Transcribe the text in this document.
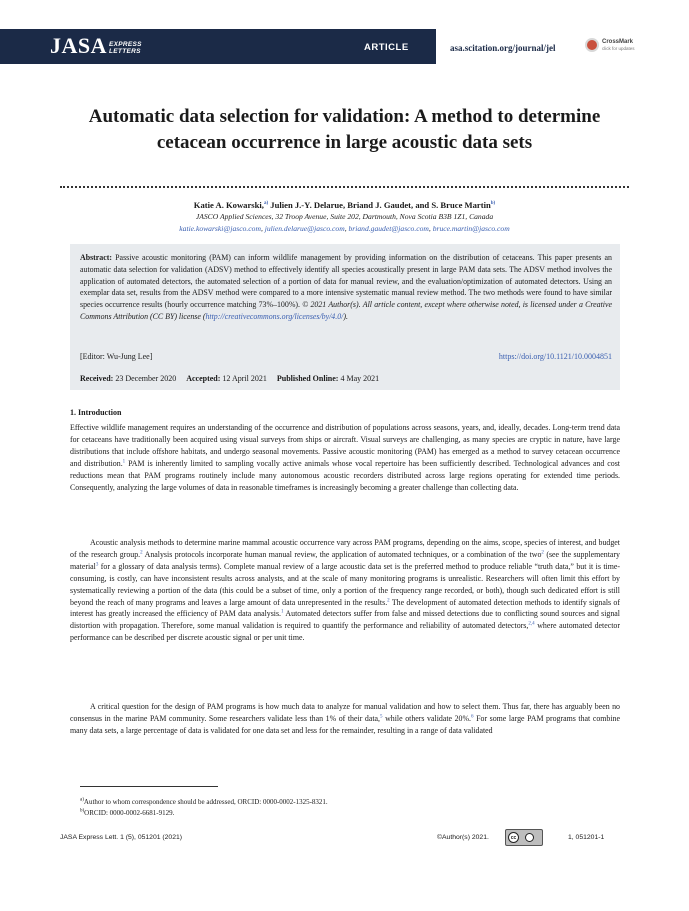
JASA EXPRESS
LETTERS	ARTICLE	asa.scitation.org/journal/jel
CrossMark
click for updates
Automatic data selection for validation: A method to determine cetacean occurrence in large acoustic data sets
Katie A. Kowarski,$^{a)}$ Julien J.-Y. Delarue, Briand J. Gaudet, and S. Bruce Martin$^{b)}$
JASCO Applied Sciences, 32 Troop Avenue, Suite 202, Dartmouth, Nova Scotia B3B 1Z1, Canada
katie.kowarski@jasco.com, julien.delarue@jasco.com, briand.gaudet@jasco.com, bruce.martin@jasco.com
Abstract: Passive acoustic monitoring (PAM) can inform wildlife management by providing information on the distribution of cetaceans. This paper presents an automatic data selection for validation (ADSV) method to effectively identify all species acoustically present in large PAM data sets. The ADSV method involves the application of automated detectors, the automated selection of a portion of data for manual review, and the evaluation/optimization of automated detectors. Using an exemplar data set, results from the ADSV method were compared to a more intensive systematic manual review method. The two methods were found to have similar species occurrence results (hourly occurrence matching 73%–100%). © 2021 Author(s). All article content, except where otherwise noted, is licensed under a Creative Commons Attribution (CC BY) license (http://creativecommons.org/licenses/by/4.0/).
[Editor: Wu-Jung Lee]	https://doi.org/10.1121/10.0004851
Received: 23 December 2020 Accepted: 12 April 2021 Published Online: 4 May 2021
1. Introduction

Effective wildlife management requires an understanding of the occurrence and distribution of populations across seasons, years, and, ideally, decades. Long-term trend data for cetaceans have traditionally been acquired using visual surveys from ships or aircraft. Visual surveys are challenging, as many species are cryptic in nature, have large distributions that include offshore habitats, and undergo seasonal movements. Passive acoustic monitoring (PAM) has emerged as a method to survey cetacean occurrence and distribution.$^1$ PAM is inherently limited to sampling vocally active animals whose vocal repertoire has been sufficiently described. Technological advances and cost reductions mean that PAM programs routinely include many autonomous acoustic recorders distributed across large regions operating for extended time periods. Consequently, analyzing the large volumes of data in reasonable timeframes is increasingly becoming a greater challenge than collecting data.

Acoustic analysis methods to determine marine mammal acoustic occurrence vary across PAM programs, depending on the aims, scope, species of interest, and budget of the research group.$^2$ Analysis protocols incorporate human manual review, the application of automated techniques, or a combination of the two$^2$ (see the supplementary material$^3$ for a glossary of data analysis terms). Complete manual review of a large acoustic data set is the preferred method to produce reliable “truth data,” but it is time-consuming, is costly, can have inconsistent results across analysts, and at the scale of many monitoring programs is unrealistic. Researchers will often limit this effort by systematically reviewing a portion of the data (this could be a subset of time, only a portion of the frequency range recorded, or both), though such dedicated effort is still beyond the reach of many programs and leaves a large amount of data unrepresented in the results.$^2$ The development of automated detection methods to identify signals of interest has greatly increased the efficiency of PAM data analysis.$^1$ Automated detectors suffer from false and missed detections due to conflicting sound sources and signal distortion with propagation. Therefore, some manual validation is required to quantify the performance and reliability of automated detectors,$^{2,4}$ where automated detector performance can be described per discrete acoustic signal or per unit time.

A critical question for the design of PAM programs is how much data to analyze for manual validation and how to select them. Thus far, there has arguably been no consensus in the marine PAM community. Some researchers validate less than 1% of their data,$^5$ while others validate 20%.$^6$ For some large PAM programs that combine many data sets, a large percentage of data is validated for one data set and less for the remainder, resulting in a range of data validated

$^{a)}$Author to whom correspondence should be addressed, ORCID: 0000-0002-1325-8321.
$^{b)}$ORCID: 0000-0002-6681-9129.
JASA Express Lett. 1 (5), 051201 (2021)	©Author(s) 2021.	cc	1, 051201-1
